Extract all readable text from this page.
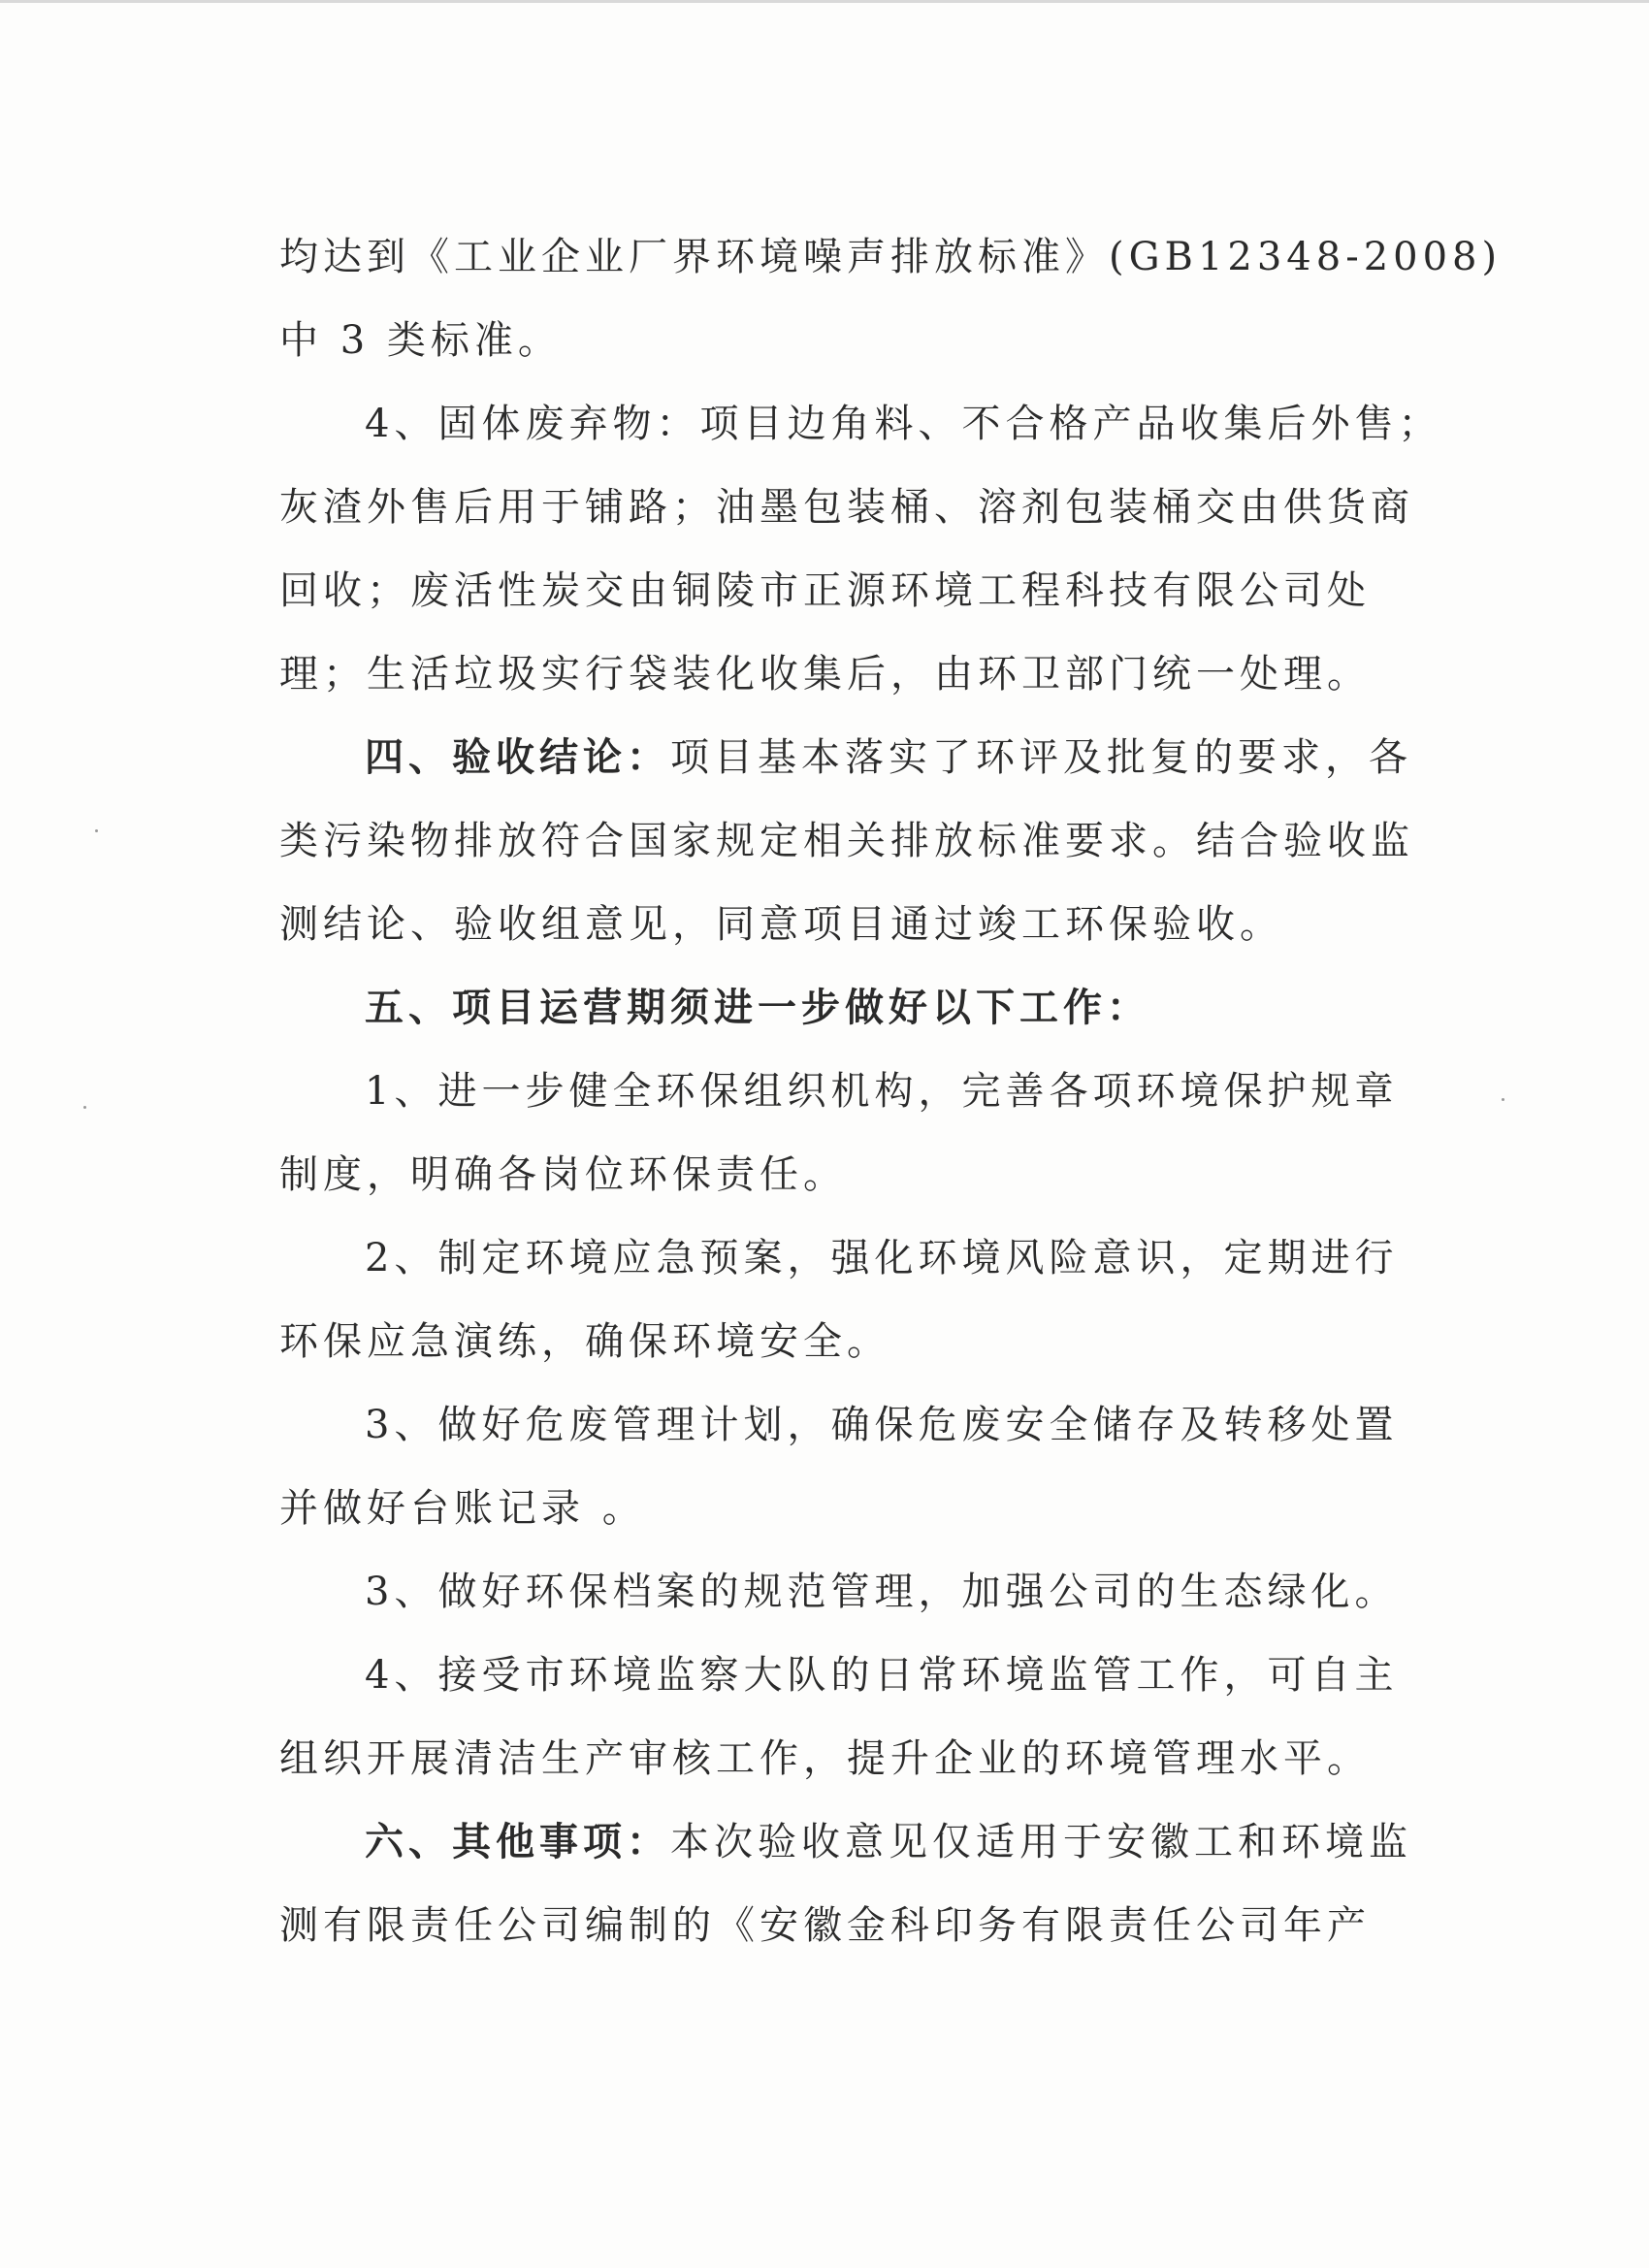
均达到《工业企业厂界环境噪声排放标准》(GB12348-2008)
中 3 类标准。
4、固体废弃物：项目边角料、不合格产品收集后外售；
灰渣外售后用于铺路；油墨包装桶、溶剂包装桶交由供货商
回收；废活性炭交由铜陵市正源环境工程科技有限公司处
理；生活垃圾实行袋装化收集后，由环卫部门统一处理。
四、验收结论：项目基本落实了环评及批复的要求，各
类污染物排放符合国家规定相关排放标准要求。结合验收监
测结论、验收组意见，同意项目通过竣工环保验收。
五、项目运营期须进一步做好以下工作：
1、进一步健全环保组织机构，完善各项环境保护规章
制度，明确各岗位环保责任。
2、制定环境应急预案，强化环境风险意识，定期进行
环保应急演练，确保环境安全。
3、做好危废管理计划，确保危废安全储存及转移处置
并做好台账记录 。
3、做好环保档案的规范管理，加强公司的生态绿化。
4、接受市环境监察大队的日常环境监管工作，可自主
组织开展清洁生产审核工作，提升企业的环境管理水平。
六、其他事项：本次验收意见仅适用于安徽工和环境监
测有限责任公司编制的《安徽金科印务有限责任公司年产
